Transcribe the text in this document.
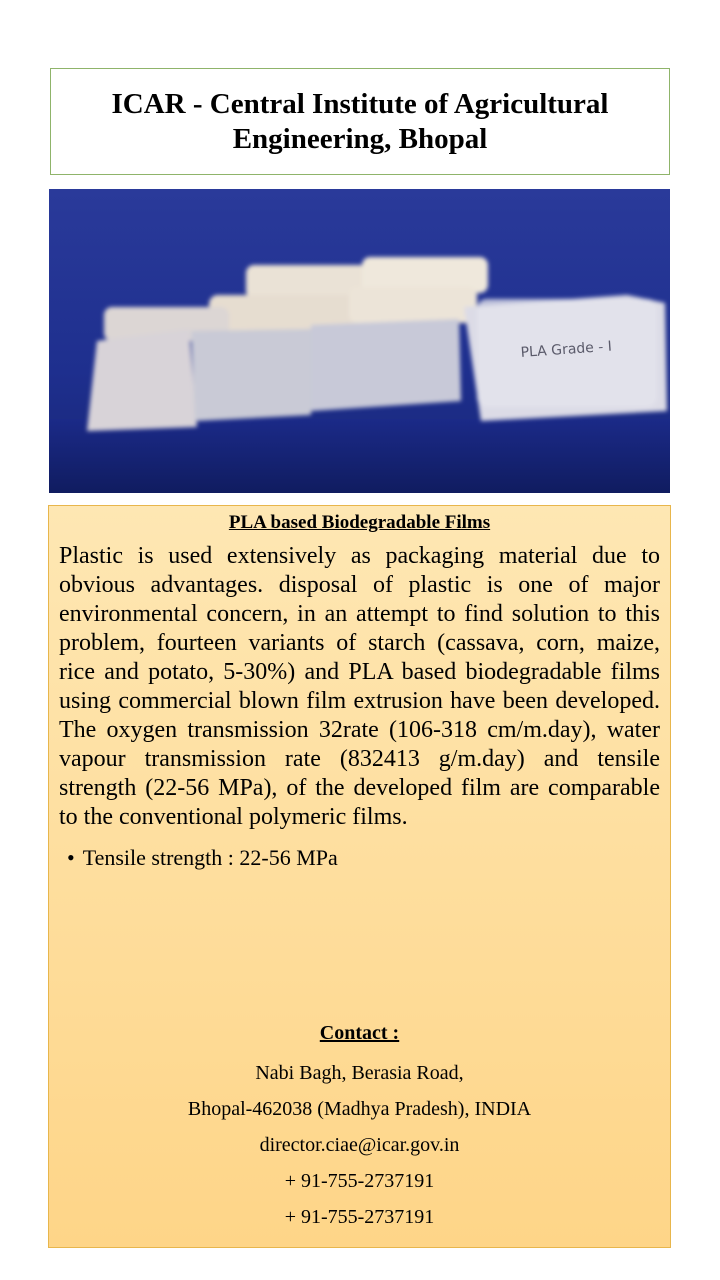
ICAR - Central Institute of Agricultural Engineering, Bhopal
PLA Grade - I
PLA based Biodegradable Films

Plastic is used extensively as packaging material due to obvious advantages. disposal of plastic is one of major environmental concern, in an attempt to find solution to this problem, fourteen variants of starch (cassava, corn, maize, rice and potato, 5-30%) and PLA based biodegradable films using commercial blown film extrusion have been developed. The oxygen transmission 32rate (106-318 cm/m.day), water vapour transmission rate (832413 g/m.day) and tensile strength (22-56 MPa), of the developed film are comparable to the conventional polymeric films.

• Tensile strength : 22-56 MPa
Contact :
Nabi Bagh, Berasia Road,
Bhopal-462038 (Madhya Pradesh), INDIA
director.ciae@icar.gov.in
+ 91-755-2737191
+ 91-755-2737191
